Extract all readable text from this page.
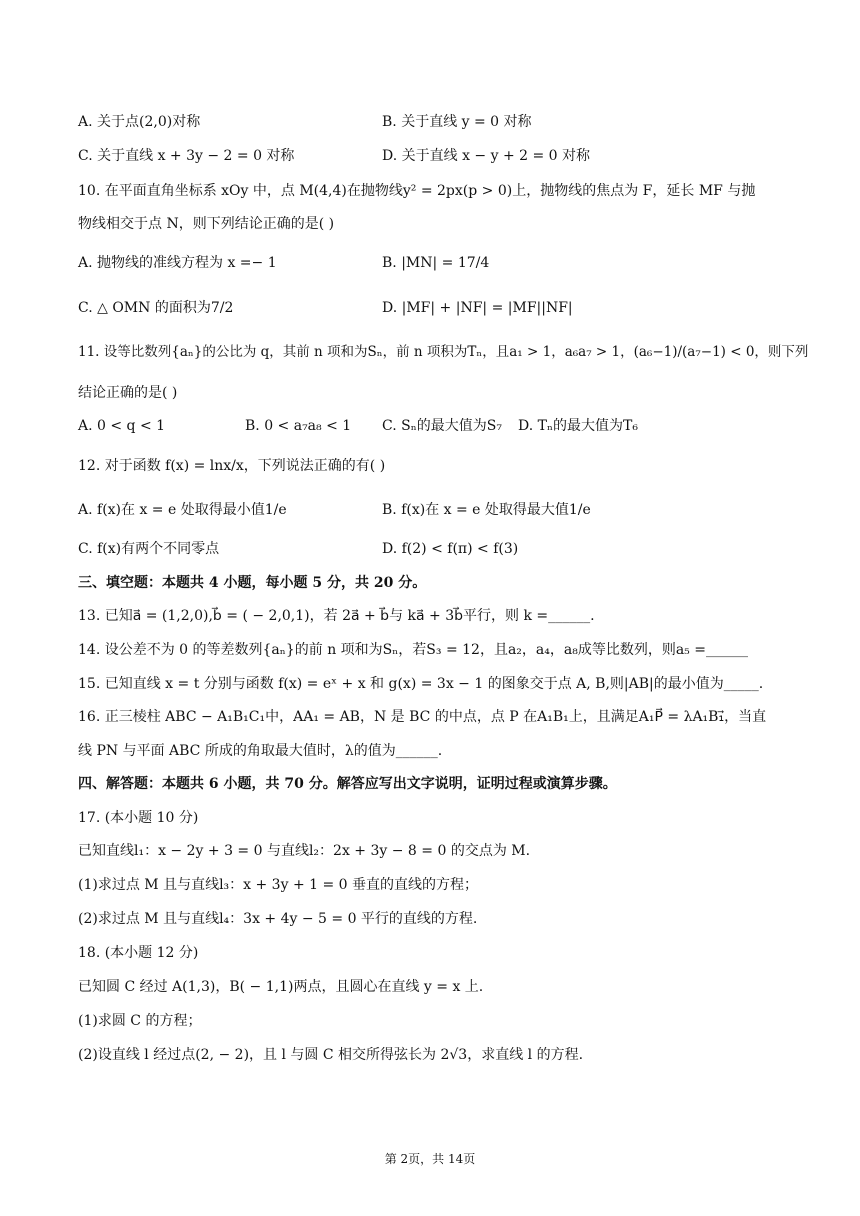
A. 关于点(2,0)对称	B. 关于直线 y = 0 对称
C. 关于直线 x + 3y − 2 = 0 对称	D. 关于直线 x − y + 2 = 0 对称
10. 在平面直角坐标系 xOy 中，点 M(4,4)在抛物线y² = 2px(p > 0)上，抛物线的焦点为 F，延长 MF 与抛
物线相交于点 N，则下列结论正确的是( )
A. 抛物线的准线方程为 x =− 1	B. |MN| = 17/4
C. △ OMN 的面积为7/2	D. |MF| + |NF| = |MF||NF|
11. 设等比数列{aₙ}的公比为 q，其前 n 项和为Sₙ，前 n 项积为Tₙ，且a₁ > 1，a₆a₇ > 1，(a₆−1)/(a₇−1) < 0，则下列
结论正确的是( )
A. 0 < q < 1	B. 0 < a₇a₈ < 1 C. Sₙ的最大值为S₇ D. Tₙ的最大值为T₆
12. 对于函数 f(x) = lnx/x，下列说法正确的有( )
A. f(x)在 x = e 处取得最小值1/e	B. f(x)在 x = e 处取得最大值1/e
C. f(x)有两个不同零点	D. f(2) < f(π) < f(3)
三、填空题：本题共 4 小题，每小题 5 分，共 20 分。
13. 已知a⃗ = (1,2,0),b⃗ = ( − 2,0,1)，若 2a⃗ + b⃗与 ka⃗ + 3b⃗平行，则 k =______.
14. 设公差不为 0 的等差数列{aₙ}的前 n 项和为Sₙ，若S₃ = 12，且a₂，a₄，a₈成等比数列，则a₅ =______
15. 已知直线 x = t 分别与函数 f(x) = eˣ + x 和 g(x) = 3x − 1 的图象交于点 A, B,则|AB|的最小值为_____.
16. 正三棱柱 ABC − A₁B₁C₁中，AA₁ = AB，N 是 BC 的中点，点 P 在A₁B₁上，且满足A₁P⃗ = λA₁B₁⃗，当直
线 PN 与平面 ABC 所成的角取最大值时，λ的值为______.
四、解答题：本题共 6 小题，共 70 分。解答应写出文字说明，证明过程或演算步骤。
17. (本小题 10 分)
已知直线l₁：x − 2y + 3 = 0 与直线l₂：2x + 3y − 8 = 0 的交点为 M.
(1)求过点 M 且与直线l₃：x + 3y + 1 = 0 垂直的直线的方程；
(2)求过点 M 且与直线l₄：3x + 4y − 5 = 0 平行的直线的方程.
18. (本小题 12 分)
已知圆 C 经过 A(1,3)，B( − 1,1)两点，且圆心在直线 y = x 上.
(1)求圆 C 的方程；
(2)设直线 l 经过点(2, − 2)，且 l 与圆 C 相交所得弦长为 2√3，求直线 l 的方程.
第 2页，共 14页
